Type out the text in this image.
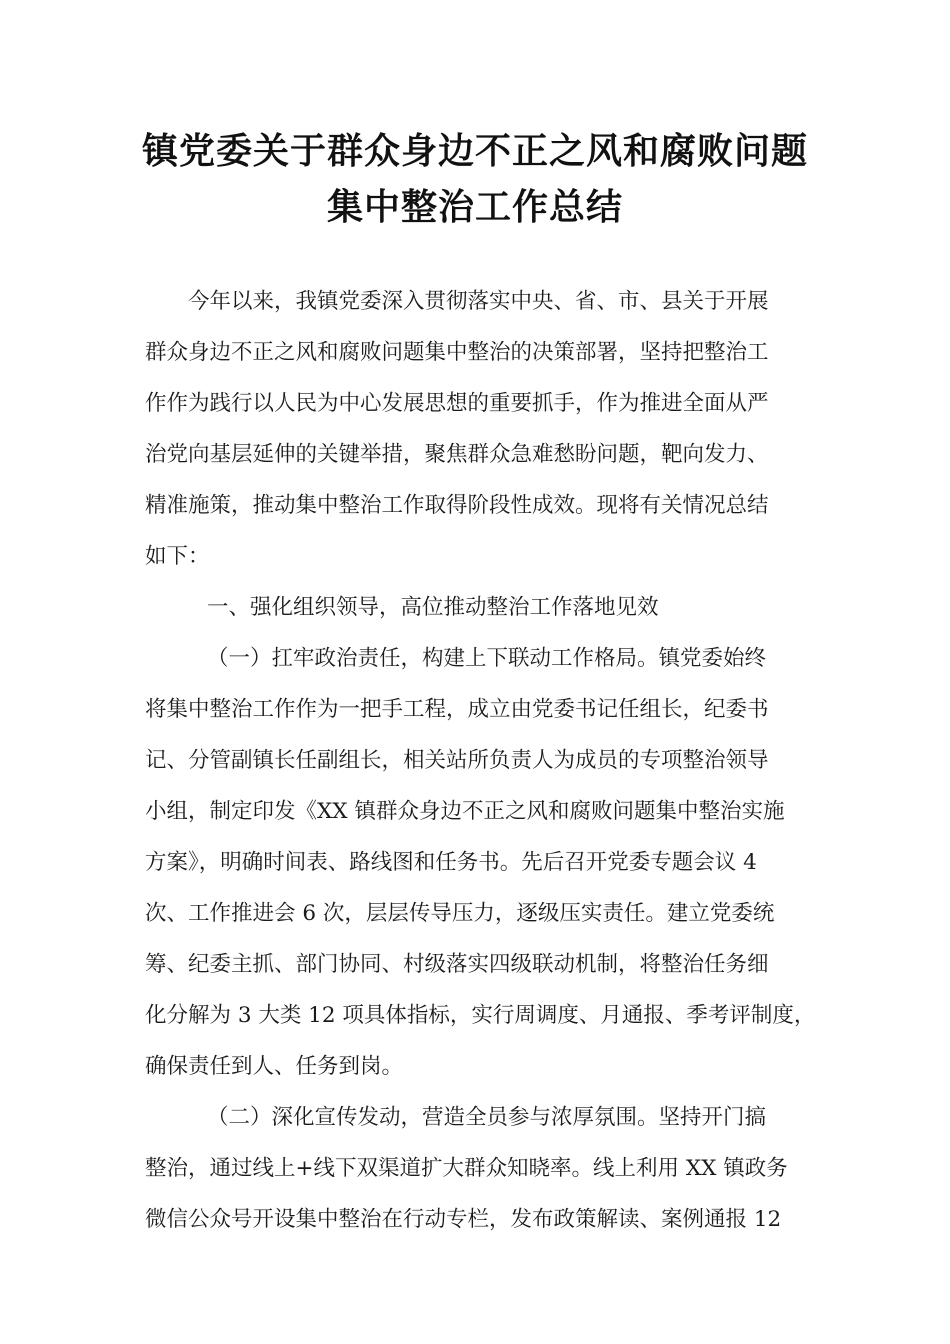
镇党委关于群众身边不正之风和腐败问题
集中整治工作总结
今年以来，我镇党委深入贯彻落实中央、省、市、县关于开展
群众身边不正之风和腐败问题集中整治的决策部署，坚持把整治工
作作为践行以人民为中心发展思想的重要抓手，作为推进全面从严
治党向基层延伸的关键举措，聚焦群众急难愁盼问题，靶向发力、
精准施策，推动集中整治工作取得阶段性成效。现将有关情况总结
如下：
一、强化组织领导，高位推动整治工作落地见效
（一）扛牢政治责任，构建上下联动工作格局。镇党委始终
将集中整治工作作为一把手工程，成立由党委书记任组长，纪委书
记、分管副镇长任副组长，相关站所负责人为成员的专项整治领导
小组，制定印发《XX 镇群众身边不正之风和腐败问题集中整治实施
方案》，明确时间表、路线图和任务书。先后召开党委专题会议 4
次、工作推进会 6 次，层层传导压力，逐级压实责任。建立党委统
筹、纪委主抓、部门协同、村级落实四级联动机制，将整治任务细
化分解为 3 大类 12 项具体指标，实行周调度、月通报、季考评制度，
确保责任到人、任务到岗。
（二）深化宣传发动，营造全员参与浓厚氛围。坚持开门搞
整治，通过线上+线下双渠道扩大群众知晓率。线上利用 XX 镇政务
微信公众号开设集中整治在行动专栏，发布政策解读、案例通报 12
